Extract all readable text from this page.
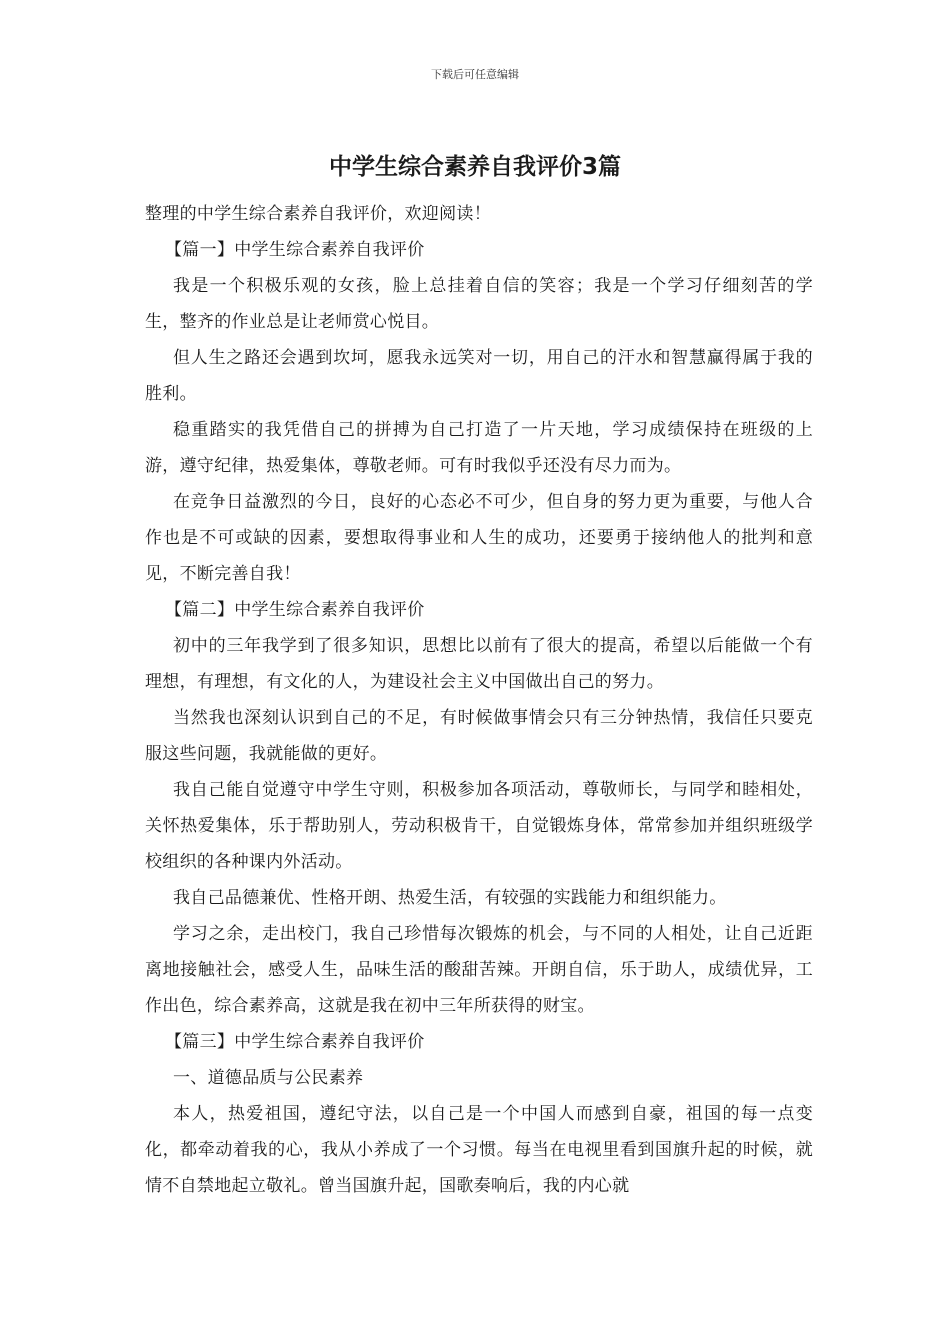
下载后可任意编辑
中学生综合素养自我评价3篇

整理的中学生综合素养自我评价，欢迎阅读！

【篇一】中学生综合素养自我评价

我是一个积极乐观的女孩，脸上总挂着自信的笑容；我是一个学习仔细刻苦的学生，整齐的作业总是让老师赏心悦目。

但人生之路还会遇到坎坷，愿我永远笑对一切，用自己的汗水和智慧赢得属于我的胜利。

稳重踏实的我凭借自己的拼搏为自己打造了一片天地，学习成绩保持在班级的上游，遵守纪律，热爱集体，尊敬老师。可有时我似乎还没有尽力而为。

在竞争日益激烈的今日，良好的心态必不可少，但自身的努力更为重要，与他人合作也是不可或缺的因素，要想取得事业和人生的成功，还要勇于接纳他人的批判和意见，不断完善自我！

【篇二】中学生综合素养自我评价

初中的三年我学到了很多知识，思想比以前有了很大的提高，希望以后能做一个有理想，有理想，有文化的人，为建设社会主义中国做出自己的努力。

当然我也深刻认识到自己的不足，有时候做事情会只有三分钟热情，我信任只要克服这些问题，我就能做的更好。

我自己能自觉遵守中学生守则，积极参加各项活动，尊敬师长，与同学和睦相处，关怀热爱集体，乐于帮助别人，劳动积极肯干，自觉锻炼身体，常常参加并组织班级学校组织的各种课内外活动。

我自己品德兼优、性格开朗、热爱生活，有较强的实践能力和组织能力。

学习之余，走出校门，我自己珍惜每次锻炼的机会，与不同的人相处，让自己近距离地接触社会，感受人生，品味生活的酸甜苦辣。开朗自信，乐于助人，成绩优异，工作出色，综合素养高，这就是我在初中三年所获得的财宝。

【篇三】中学生综合素养自我评价

一、道德品质与公民素养

本人，热爱祖国，遵纪守法，以自己是一个中国人而感到自豪，祖国的每一点变化，都牵动着我的心，我从小养成了一个习惯。每当在电视里看到国旗升起的时候，就情不自禁地起立敬礼。曾当国旗升起，国歌奏响后，我的内心就
